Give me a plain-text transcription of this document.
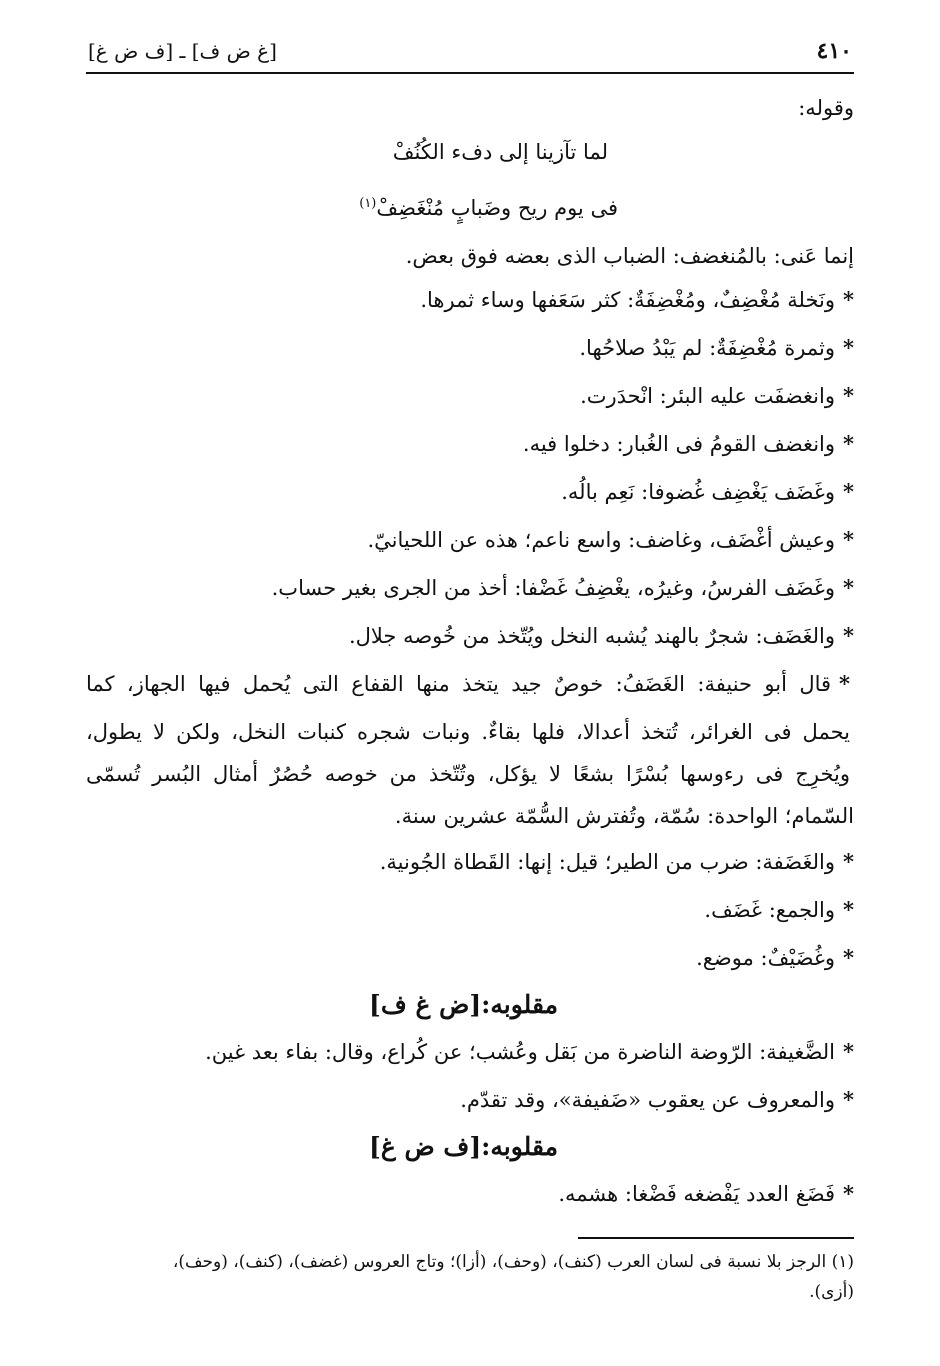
٤١٠
[غ ض ف] ـ [ف ض غ]
وقوله:
لما تآزينا إلى دفء الكُنُفْ
فى يوم ريح وضَبابٍ مُنْغَضِفْ$^{(١)}$
إنما عَنى: بالمُنغضف: الضباب الذى بعضه فوق بعض.
*ونَخلة مُغْضِفٌ، ومُغْضِفَةٌ: كثر سَعَفها وساء ثمرها.
*وثمرة مُغْضِفَةٌ: لم يَبْدُ صلاحُها.
*وانغضفَت عليه البئر: انْحدَرت.
*وانغضف القومُ فى الغُبار: دخلوا فيه.
*وغَضَف يَغْضِف غُضوفا: نَعِم بالُه.
*وعيش أغْضَف، وغاضف: واسع ناعم؛ هذه عن اللحيانيّ.
*وغَضَف الفرسُ، وغيرُه، يغْضِفُ غَضْفا: أخذ من الجرى بغير حساب.
*والغَضَف: شجرٌ بالهند يُشبه النخل ويُتّخذ من خُوصه جلال.
*قال أبو حنيفة: الغَضَفُ: خوصٌ جيد يتخذ منها القفاع التى يُحمل فيها الجهاز، كما
يحمل فى الغرائر، تُتخذ أعدالا، فلها بقاءٌ. ونبات شجره كنبات النخل، ولكن لا يطول،
ويُخرِج فى رءوسها بُسْرًا بشعًا لا يؤكل، وتُتّخذ من خوصه حُصُرٌ أمثال البُسر تُسمّى
السّمام؛ الواحدة: سُمّة، وتُفترش السُّمّة عشرين سنة.
*والغَضَفة: ضرب من الطير؛ قيل: إنها: القَطاة الجُونية.
*والجمع: غَضَف.
*وغُضَيْفٌ: موضع.
مقلوبه:[ض غ ف]
*الضَّغيفة: الرّوضة الناضرة من بَقل وعُشب؛ عن كُراع، وقال: بفاء بعد غين.
*والمعروف عن يعقوب «ضَفيفة»، وقد تقدّم.
مقلوبه:[ف ض غ]
*فَضَغ العدد يَفْضغه فَضْغا: هشمه.
(١) الرجز بلا نسبة فى لسان العرب (كنف)، (وحف)، (أزا)؛ وتاج العروس (غضف)، (كنف)، (وحف)،
(أزى).
